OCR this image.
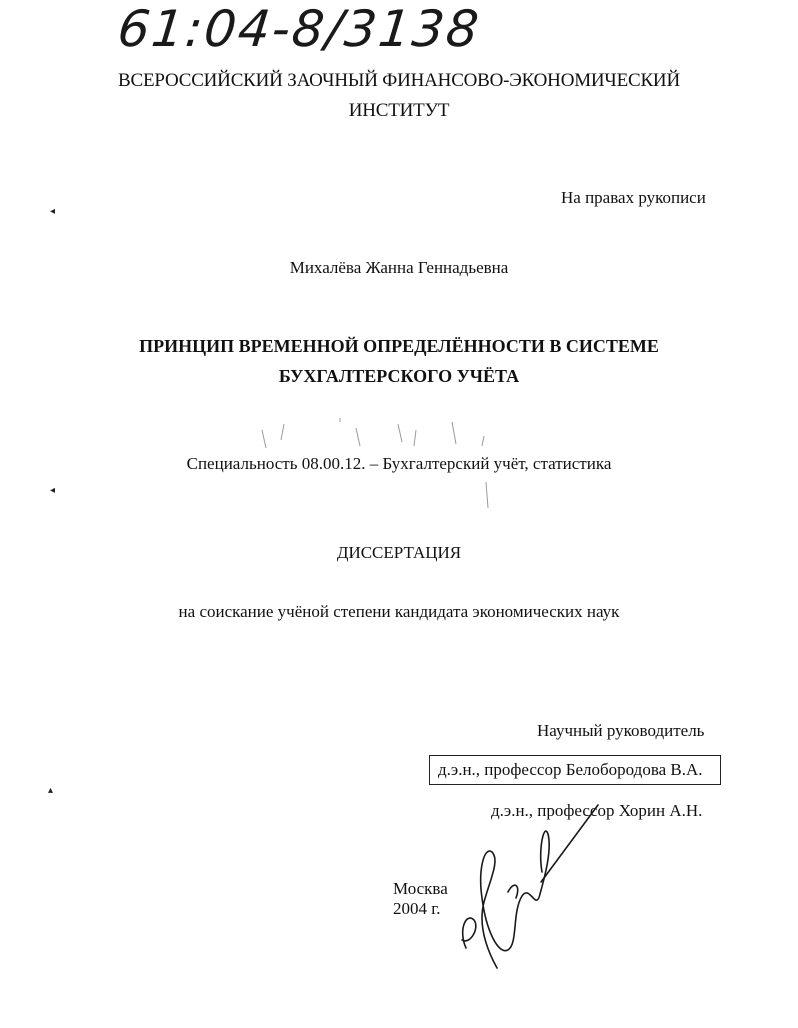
61:04-8/3138
ВСЕРОССИЙСКИЙ ЗАОЧНЫЙ ФИНАНСОВО-ЭКОНОМИЧЕСКИЙ
ИНСТИТУТ
На правах рукописи
Михалёва Жанна Геннадьевна
ПРИНЦИП ВРЕМЕННОЙ ОПРЕДЕЛЁННОСТИ В СИСТЕМЕ
БУХГАЛТЕРСКОГО УЧЁТА
Специальность 08.00.12. – Бухгалтерский учёт, статистика
ДИССЕРТАЦИЯ
на соискание учёной степени кандидата экономических наук
Научный руководитель
д.э.н., профессор Белобородова В.А.
д.э.н., профессор Хорин А.Н.
Москва
2004 г.
◂
◂
▴
